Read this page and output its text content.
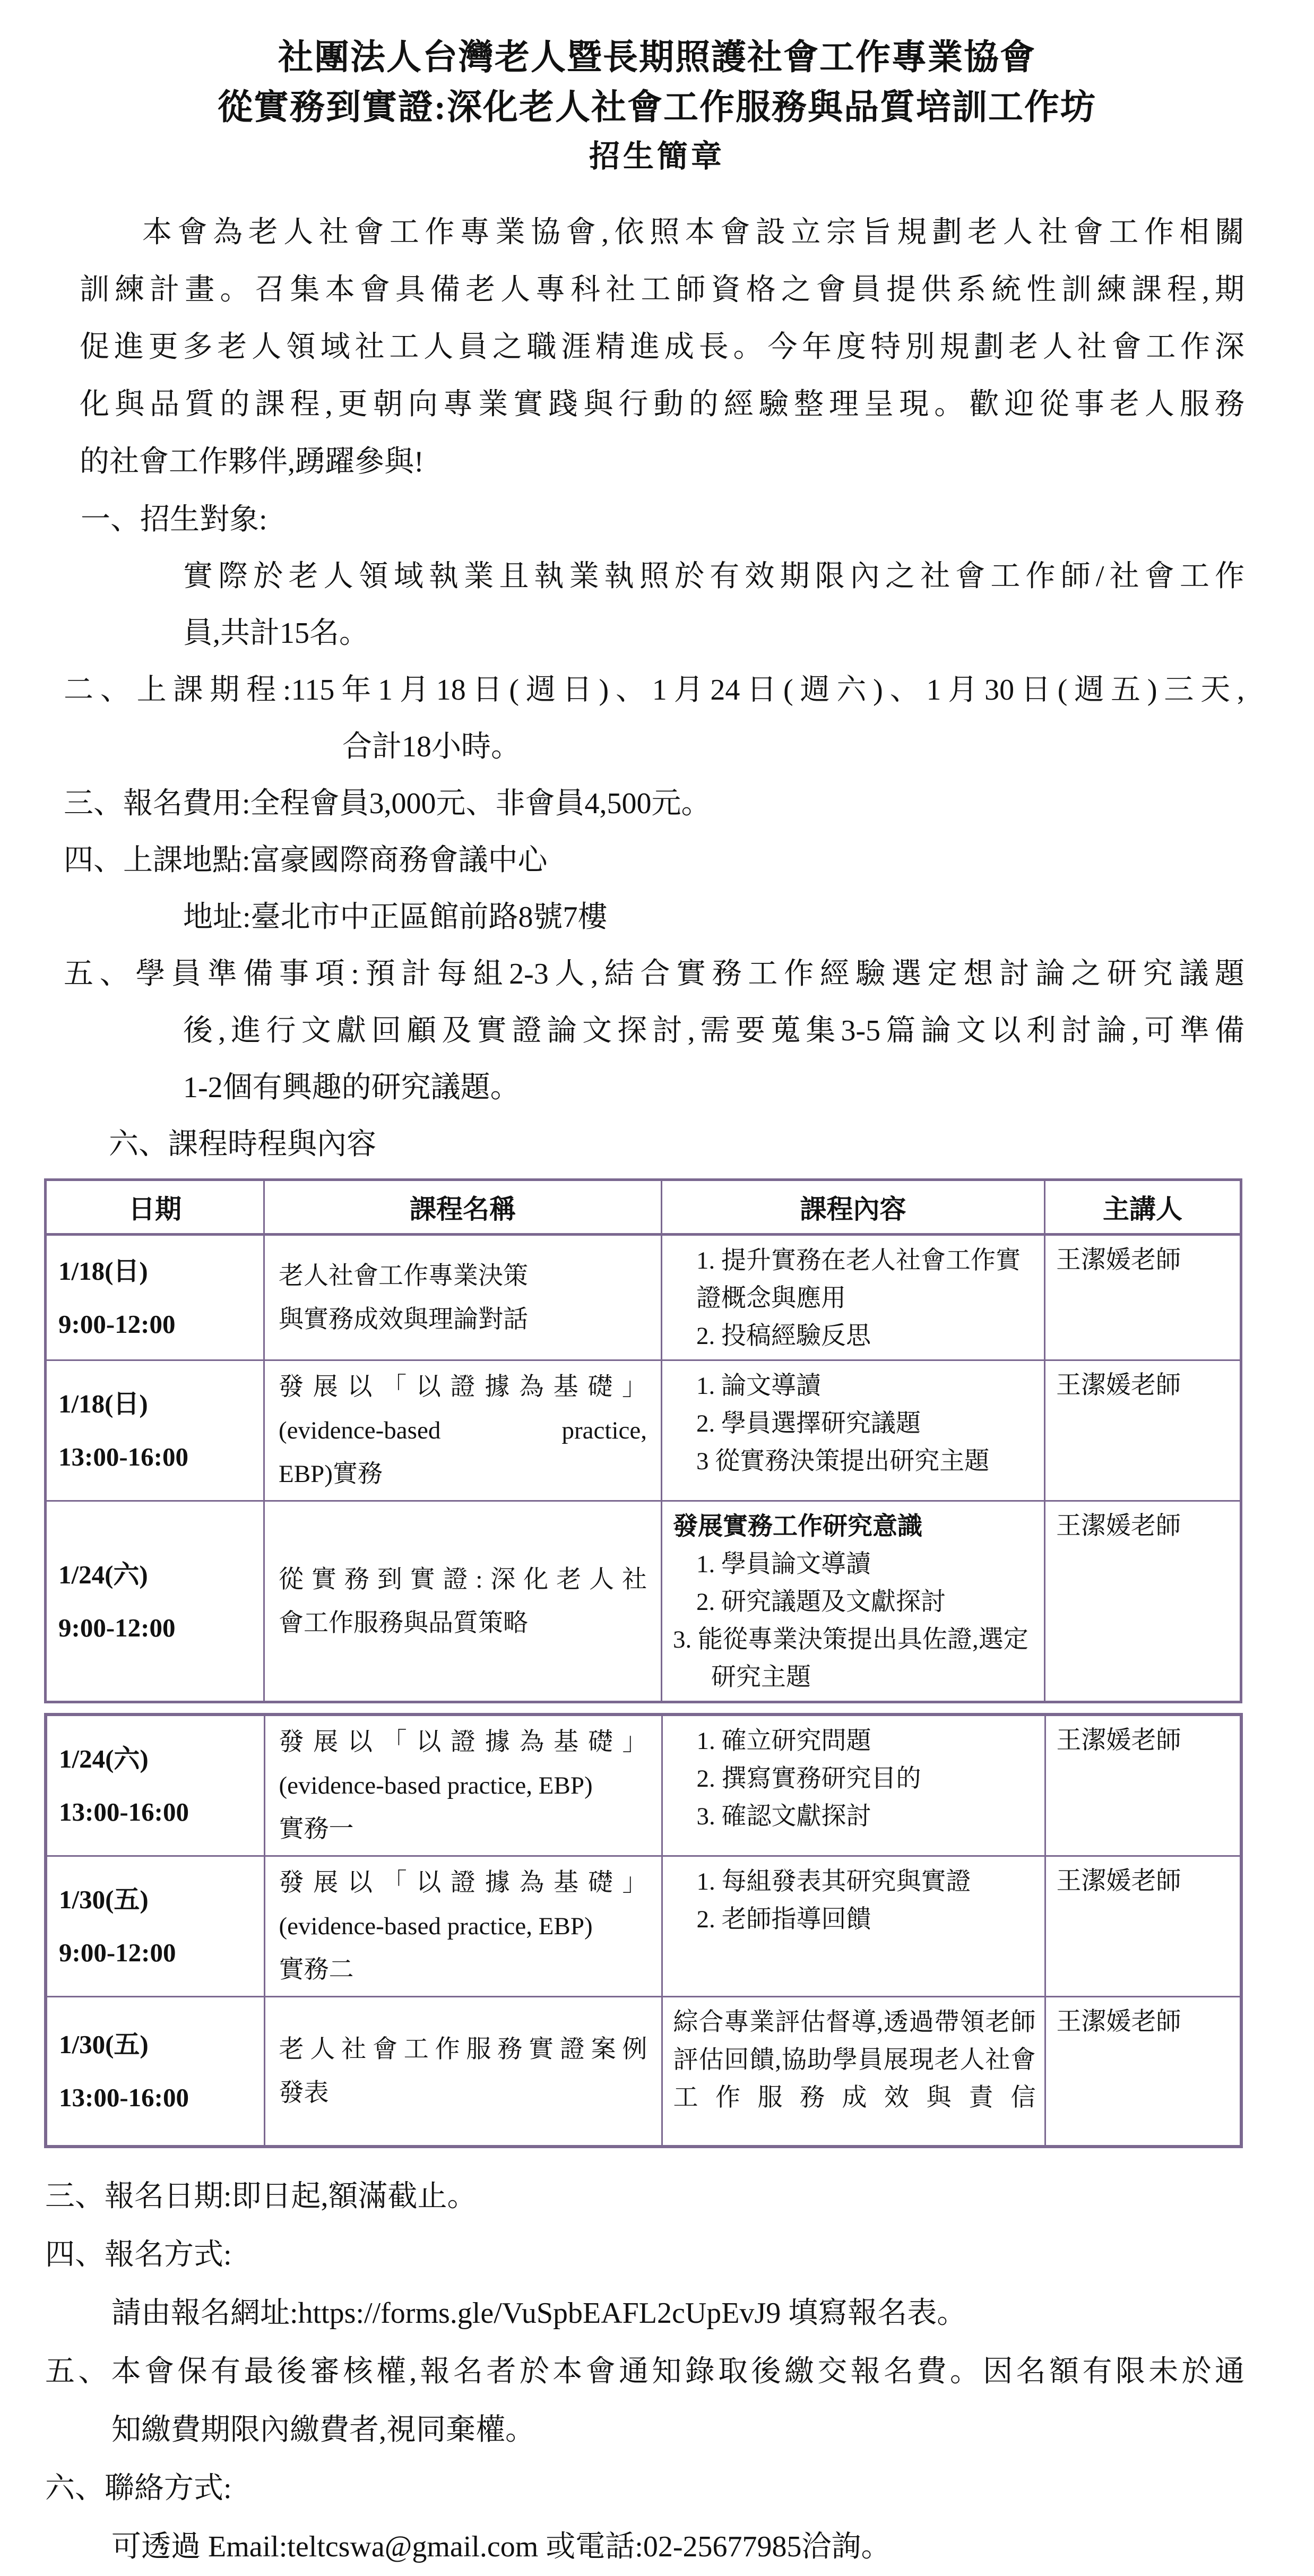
社團法人台灣老人暨長期照護社會工作專業協會
從實務到實證:深化老人社會工作服務與品質培訓工作坊
招生簡章
本會為老人社會工作專業協會,依照本會設立宗旨規劃老人社會工作相關
訓練計畫。召集本會具備老人專科社工師資格之會員提供系統性訓練課程,期
促進更多老人領域社工人員之職涯精進成長。今年度特別規劃老人社會工作深
化與品質的課程,更朝向專業實踐與行動的經驗整理呈現。歡迎從事老人服務
的社會工作夥伴,踴躍參與!
一、招生對象:
實際於老人領域執業且執業執照於有效期限內之社會工作師/社會工作
員,共計15名。
二、上課期程:115年1月18日(週日)、1月24日(週六)、1月30日(週五)三天,
合計18小時。
三、報名費用:全程會員3,000元、非會員4,500元。
四、上課地點:富豪國際商務會議中心
地址:臺北市中正區館前路8號7樓
五、學員準備事項:預計每組2-3人,結合實務工作經驗選定想討論之研究議題
後,進行文獻回顧及實證論文探討,需要蒐集3-5篇論文以利討論,可準備
1-2個有興趣的研究議題。
六、課程時程與內容
日期	課程名稱	課程內容	主講人

1/18(日)
9:00-12:00

老人社會工作專業決策
與實務成效與理論對話

1. 提升實務在老人社會工作實證概念與應用
2. 投稿經驗反思
	王潔媛老師

1/18(日)
13:00-16:00

發展以「以證據為基礎」
(evidence-based practice,
EBP)實務

1. 論文導讀
2. 學員選擇研究議題
3 從實務決策提出研究主題
	王潔媛老師

1/24(六)
9:00-12:00

從實務到實證:深化老人社
會工作服務與品質策略

發展實務工作研究意識
1. 學員論文導讀
2. 研究議題及文獻探討
3. 能從專業決策提出具佐證,選定研究主題
	王潔媛老師
1/24(六)
13:00-16:00

發展以「以證據為基礎」
(evidence-based practice, EBP)
實務一

1. 確立研究問題
2. 撰寫實務研究目的
3. 確認文獻探討
	王潔媛老師

1/30(五)
9:00-12:00

發展以「以證據為基礎」
(evidence-based practice, EBP)
實務二

1. 每組發表其研究與實證
2. 老師指導回饋
	王潔媛老師

1/30(五)
13:00-16:00

老人社會工作服務實證案例
發表

綜合專業評估督導,透過帶領老師評估回饋,協助學員展現老人社會工作服務成效與責信
	王潔媛老師
三、報名日期:即日起,額滿截止。
四、報名方式:
請由報名網址:https://forms.gle/VuSpbEAFL2cUpEvJ9 填寫報名表。
五、本會保有最後審核權,報名者於本會通知錄取後繳交報名費。因名額有限未於通
知繳費期限內繳費者,視同棄權。
六、聯絡方式:
可透過 Email:teltcswa@gmail.com 或電話:02-25677985洽詢。
